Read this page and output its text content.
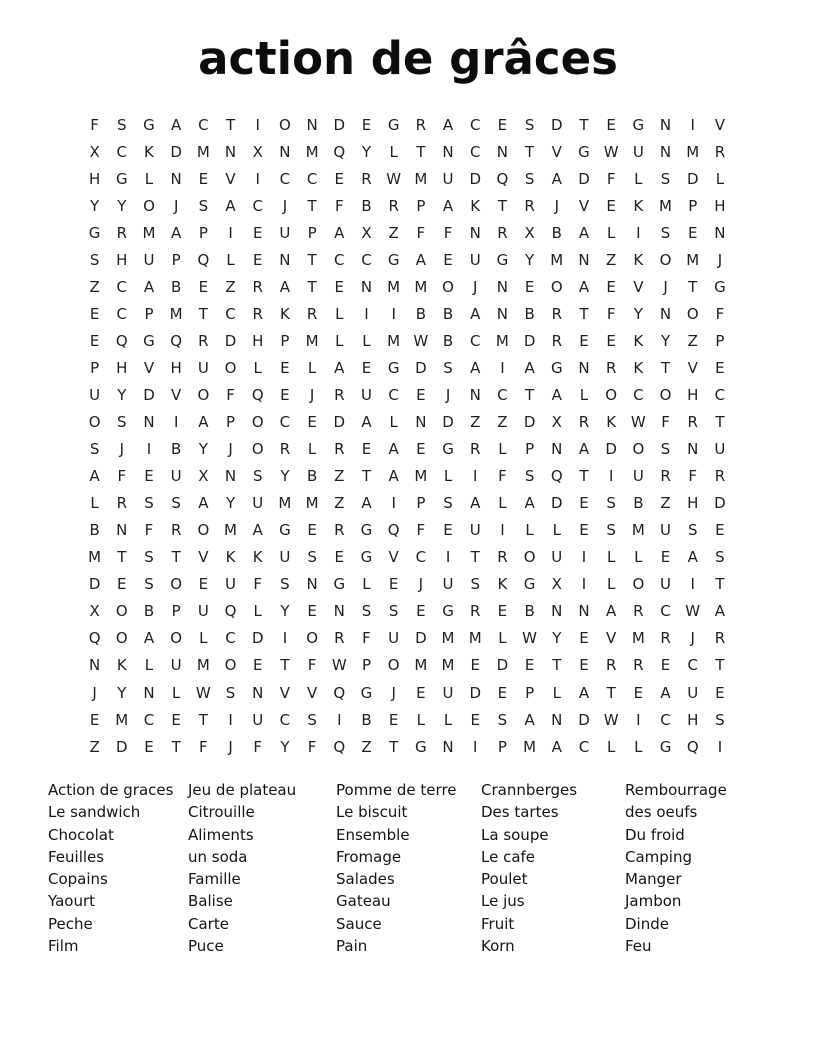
action de grâces
F	S	G	A	C	T	I	O	N	D	E	G	R	A	C	E	S	D	T	E	G	N	I	V
X	C	K	D M	N	X	N	M Q	Y	L	T	N	C	N	T	V	G W U	N	M	R
H	G	L	N	E	V	I	C	C	E	R W M	U	D	Q	S	A	D	F	L	S	D	L
Y	Y	O	J	S	A	C	J	T	F	B	R	P	A	K	T	R	J	V	E	K	M	P	H
G	R	M	A	P	I	E	U	P	A	X	Z	F	F	N	R	X	B	A	L	I	S	E	N
S	H	U	P	Q	L	E	N	T	C	C	G	A	E	U	G	Y	M	N	Z	K	O M	J
Z	C	A	B	E	Z	R	A	T	E	N	M M O	J	N	E	O	A	E	V	J	T	G
E	C	P	M	T	C	R	K	R	L	I	I	B	B	A	N	B	R	T	F	Y	N	O	F
E	Q	G	Q	R	D	H	P	M	L	L	M W B	C	M D	R	E	E	K	Y	Z	P
P	H	V	H	U	O	L	E	L	A	E	G	D	S	A	I	A	G	N	R	K	T	V	E
U	Y	D	V	O	F	Q	E	J	R	U	C	E	J	N	C	T	A	L	O	C	O	H	C
O	S	N	I	A	P	O	C	E	D	A	L	N	D	Z	Z	D	X	R	K W	F	R	T
S	J	I	B	Y	J	O	R	L	R	E	A	E	G	R	L	P	N	A	D	O	S	N	U
A	F	E	U	X	N	S	Y	B	Z	T	A	M	L	I	F	S	Q	T	I	U	R	F	R
L	R	S	S	A	Y	U	M M	Z	A	I	P	S	A	L	A	D	E	S	B	Z	H	D
B	N	F	R	O M	A	G	E	R	G	Q	F	E	U	I	L	L	E	S	M	U	S	E
M	T	S	T	V	K	K	U	S	E	G	V	C	I	T	R	O	U	I	L	L	E	A	S
D	E	S	O	E	U	F	S	N	G	L	E	J	U	S	K	G	X	I	L	O	U	I	T
X	O	B	P	U	Q	L	Y	E	N	S	S	E	G	R	E	B	N	N	A	R	C W A
Q	O	A	O	L	C	D	I	O	R	F	U	D M M	L	W	Y	E	V	M	R	J	R
N	K	L	U	M O	E	T	F	W	P	O M M	E	D	E	T	E	R	R	E	C	T
J	Y	N	L	W	S	N	V	V	Q	G	J	E	U	D	E	P	L	A	T	E	A	U	E
E	M	C	E	T	I	U	C	S	I	B	E	L	L	E	S	A	N	D W	I	C	H	S
Z	D	E	T	F	J	F	Y	F	Q	Z	T	G	N	I	P	M	A	C	L	L	G	Q	I
Action de graces
Le sandwich
Chocolat
Feuilles
Copains
Yaourt
Peche
Film
Jeu de plateau
Citrouille
Aliments
un soda
Famille
Balise
Carte
Puce
Pomme de terre
Le biscuit
Ensemble
Fromage
Salades
Gateau
Sauce
Pain
Crannberges
Des tartes
La soupe
Le cafe
Poulet
Le jus
Fruit
Korn
Rembourrage
des oeufs
Du froid
Camping
Manger
Jambon
Dinde
Feu
